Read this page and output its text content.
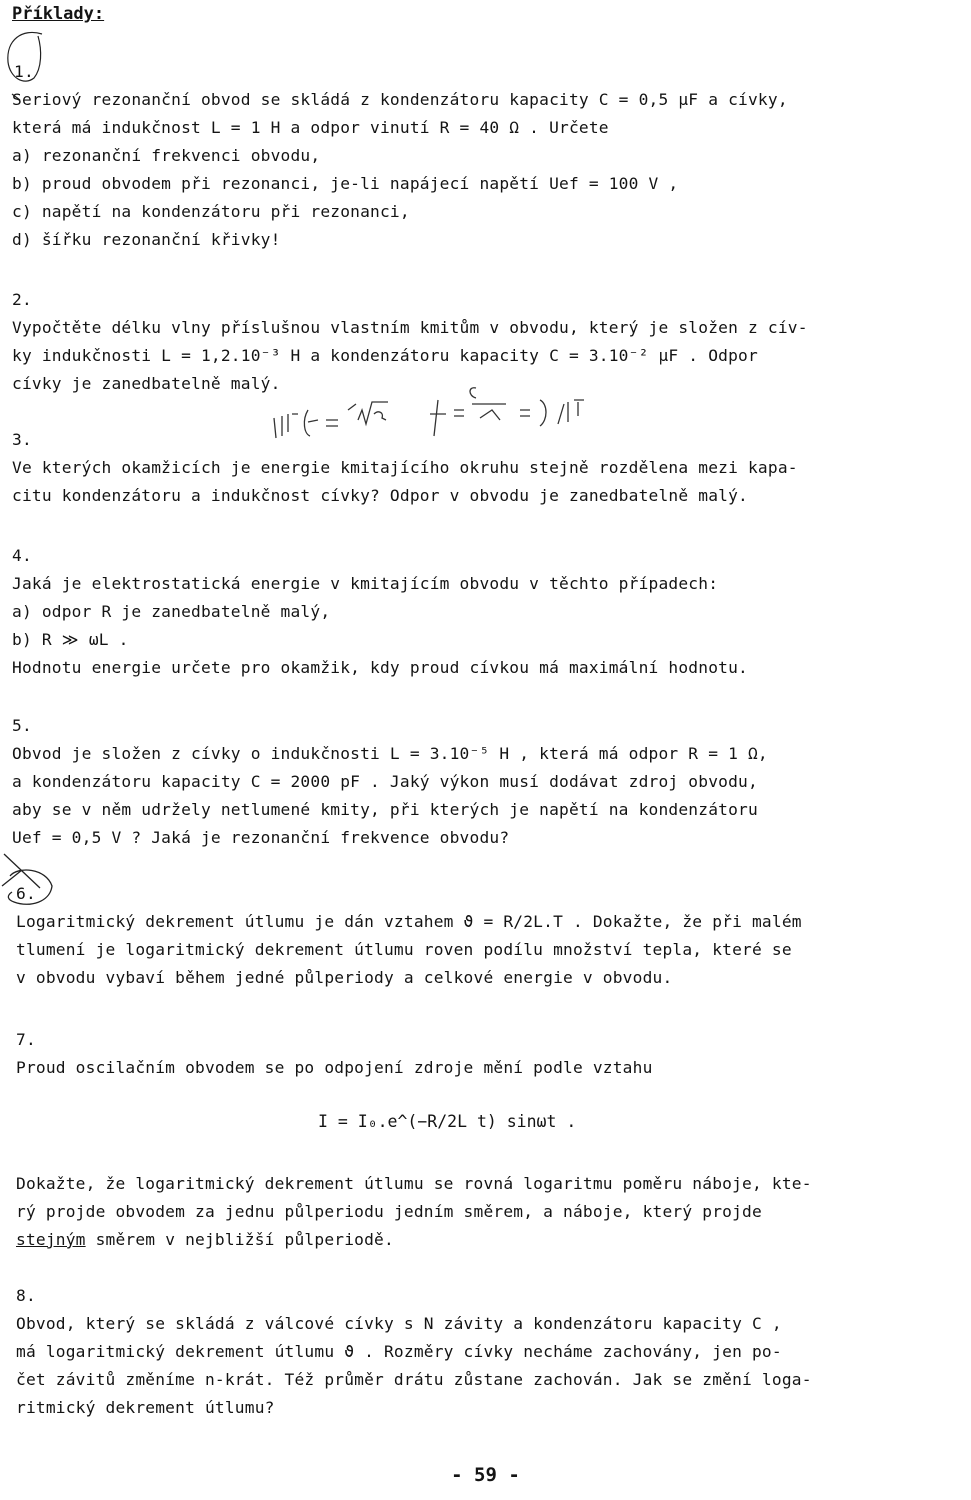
Příklady:
1.
Seriový rezonanční obvod se skládá z kondenzátoru kapacity C = 0,5 μF a cívky,
která má indukčnost L = 1 H a odpor vinutí R = 40 Ω . Určete
a) rezonanční frekvenci obvodu,
b) proud obvodem při rezonanci, je-li napájecí napětí Uef = 100 V ,
c) napětí na kondenzátoru při rezonanci,
d) šířku rezonanční křivky!
2.
Vypočtěte délku vlny příslušnou vlastním kmitům v obvodu, který je složen z cív-
ky indukčnosti L = 1,2.10⁻³ H a kondenzátoru kapacity C = 3.10⁻² μF . Odpor
cívky je zanedbatelně malý.
3.
Ve kterých okamžicích je energie kmitajícího okruhu stejně rozdělena mezi kapa-
citu kondenzátoru a indukčnost cívky? Odpor v obvodu je zanedbatelně malý.
4.
Jaká je elektrostatická energie v kmitajícím obvodu v těchto případech:
a) odpor R je zanedbatelně malý,
b) R ≫ ωL .
Hodnotu energie určete pro okamžik, kdy proud cívkou má maximální hodnotu.
5.
Obvod je složen z cívky o indukčnosti L = 3.10⁻⁵ H , která má odpor R = 1 Ω,
a kondenzátoru kapacity C = 2000 pF . Jaký výkon musí dodávat zdroj obvodu,
aby se v něm udržely netlumené kmity, při kterých je napětí na kondenzátoru
Uef = 0,5 V ? Jaká je rezonanční frekvence obvodu?
6.
Logaritmický dekrement útlumu je dán vztahem ϑ = R/2L.T . Dokažte, že při malém
tlumení je logaritmický dekrement útlumu roven podílu množství tepla, které se
v obvodu vybaví během jedné půlperiody a celkové energie v obvodu.
7.
Proud oscilačním obvodem se po odpojení zdroje mění podle vztahu
I = I₀.e^(−R/2L t) sinωt .
Dokažte, že logaritmický dekrement útlumu se rovná logaritmu poměru náboje, kte-
rý projde obvodem za jednu půlperiodu jedním směrem, a náboje, který projde
stejným směrem v nejbližší půlperiodě.
8.
Obvod, který se skládá z válcové cívky s N závity a kondenzátoru kapacity C ,
má logaritmický dekrement útlumu ϑ . Rozměry cívky necháme zachovány, jen po-
čet závitů změníme n-krát. Též průměr drátu zůstane zachován. Jak se změní loga-
ritmický dekrement útlumu?
- 59 -
